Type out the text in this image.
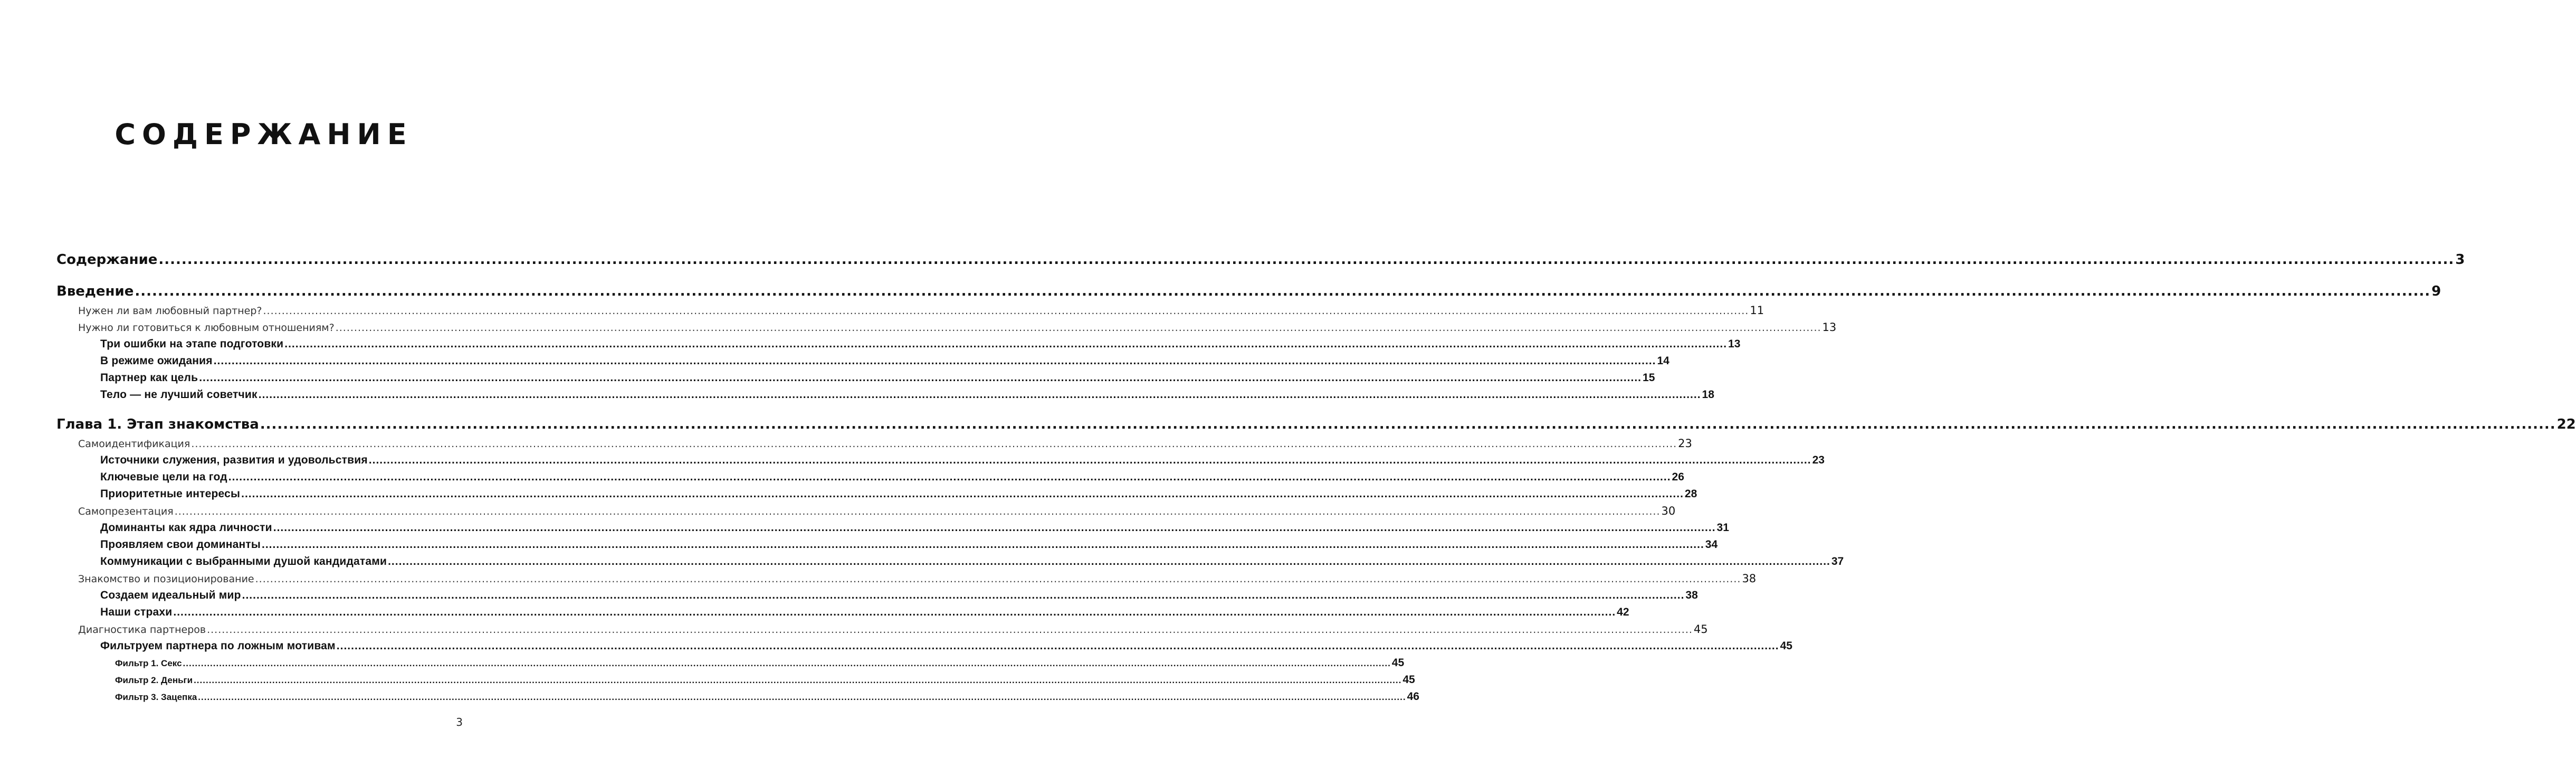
СОДЕРЖАНИЕ
Содержание ................................................................................................................................................................................................................................................................................................................................................................................................................ 3
Введение ................................................................................................................................................................................................................................................................................................................................................................................................................ 9
Нужен ли вам любовный партнер? ................................................................................................................................................................................................................................................................................................................................................................................................................ 11
Нужно ли готовиться к любовным отношениям? ................................................................................................................................................................................................................................................................................................................................................................................................................ 13
Три ошибки на этапе подготовки ................................................................................................................................................................................................................................................................................................................................................................................................................ 13
В режиме ожидания ................................................................................................................................................................................................................................................................................................................................................................................................................ 14
Партнер как цель ................................................................................................................................................................................................................................................................................................................................................................................................................ 15
Тело — не лучший советчик ................................................................................................................................................................................................................................................................................................................................................................................................................ 18
Глава 1. Этап знакомства ................................................................................................................................................................................................................................................................................................................................................................................................................ 22
Самоидентификация ................................................................................................................................................................................................................................................................................................................................................................................................................ 23
Источники служения, развития и удовольствия ................................................................................................................................................................................................................................................................................................................................................................................................................ 23
Ключевые цели на год ................................................................................................................................................................................................................................................................................................................................................................................................................ 26
Приоритетные интересы ................................................................................................................................................................................................................................................................................................................................................................................................................ 28
Самопрезентация ................................................................................................................................................................................................................................................................................................................................................................................................................ 30
Доминанты как ядра личности ................................................................................................................................................................................................................................................................................................................................................................................................................ 31
Проявляем свои доминанты ................................................................................................................................................................................................................................................................................................................................................................................................................ 34
Коммуникации с выбранными душой кандидатами ................................................................................................................................................................................................................................................................................................................................................................................................................ 37
Знакомство и позиционирование ................................................................................................................................................................................................................................................................................................................................................................................................................ 38
Создаем идеальный мир ................................................................................................................................................................................................................................................................................................................................................................................................................ 38
Наши страхи ................................................................................................................................................................................................................................................................................................................................................................................................................ 42
Диагностика партнеров ................................................................................................................................................................................................................................................................................................................................................................................................................ 45
Фильтруем партнера по ложным мотивам ................................................................................................................................................................................................................................................................................................................................................................................................................ 45
Фильтр 1. Секс ................................................................................................................................................................................................................................................................................................................................................................................................................ 45
Фильтр 2. Деньги ................................................................................................................................................................................................................................................................................................................................................................................................................ 45
Фильтр 3. Зацепка ................................................................................................................................................................................................................................................................................................................................................................................................................ 46
3
